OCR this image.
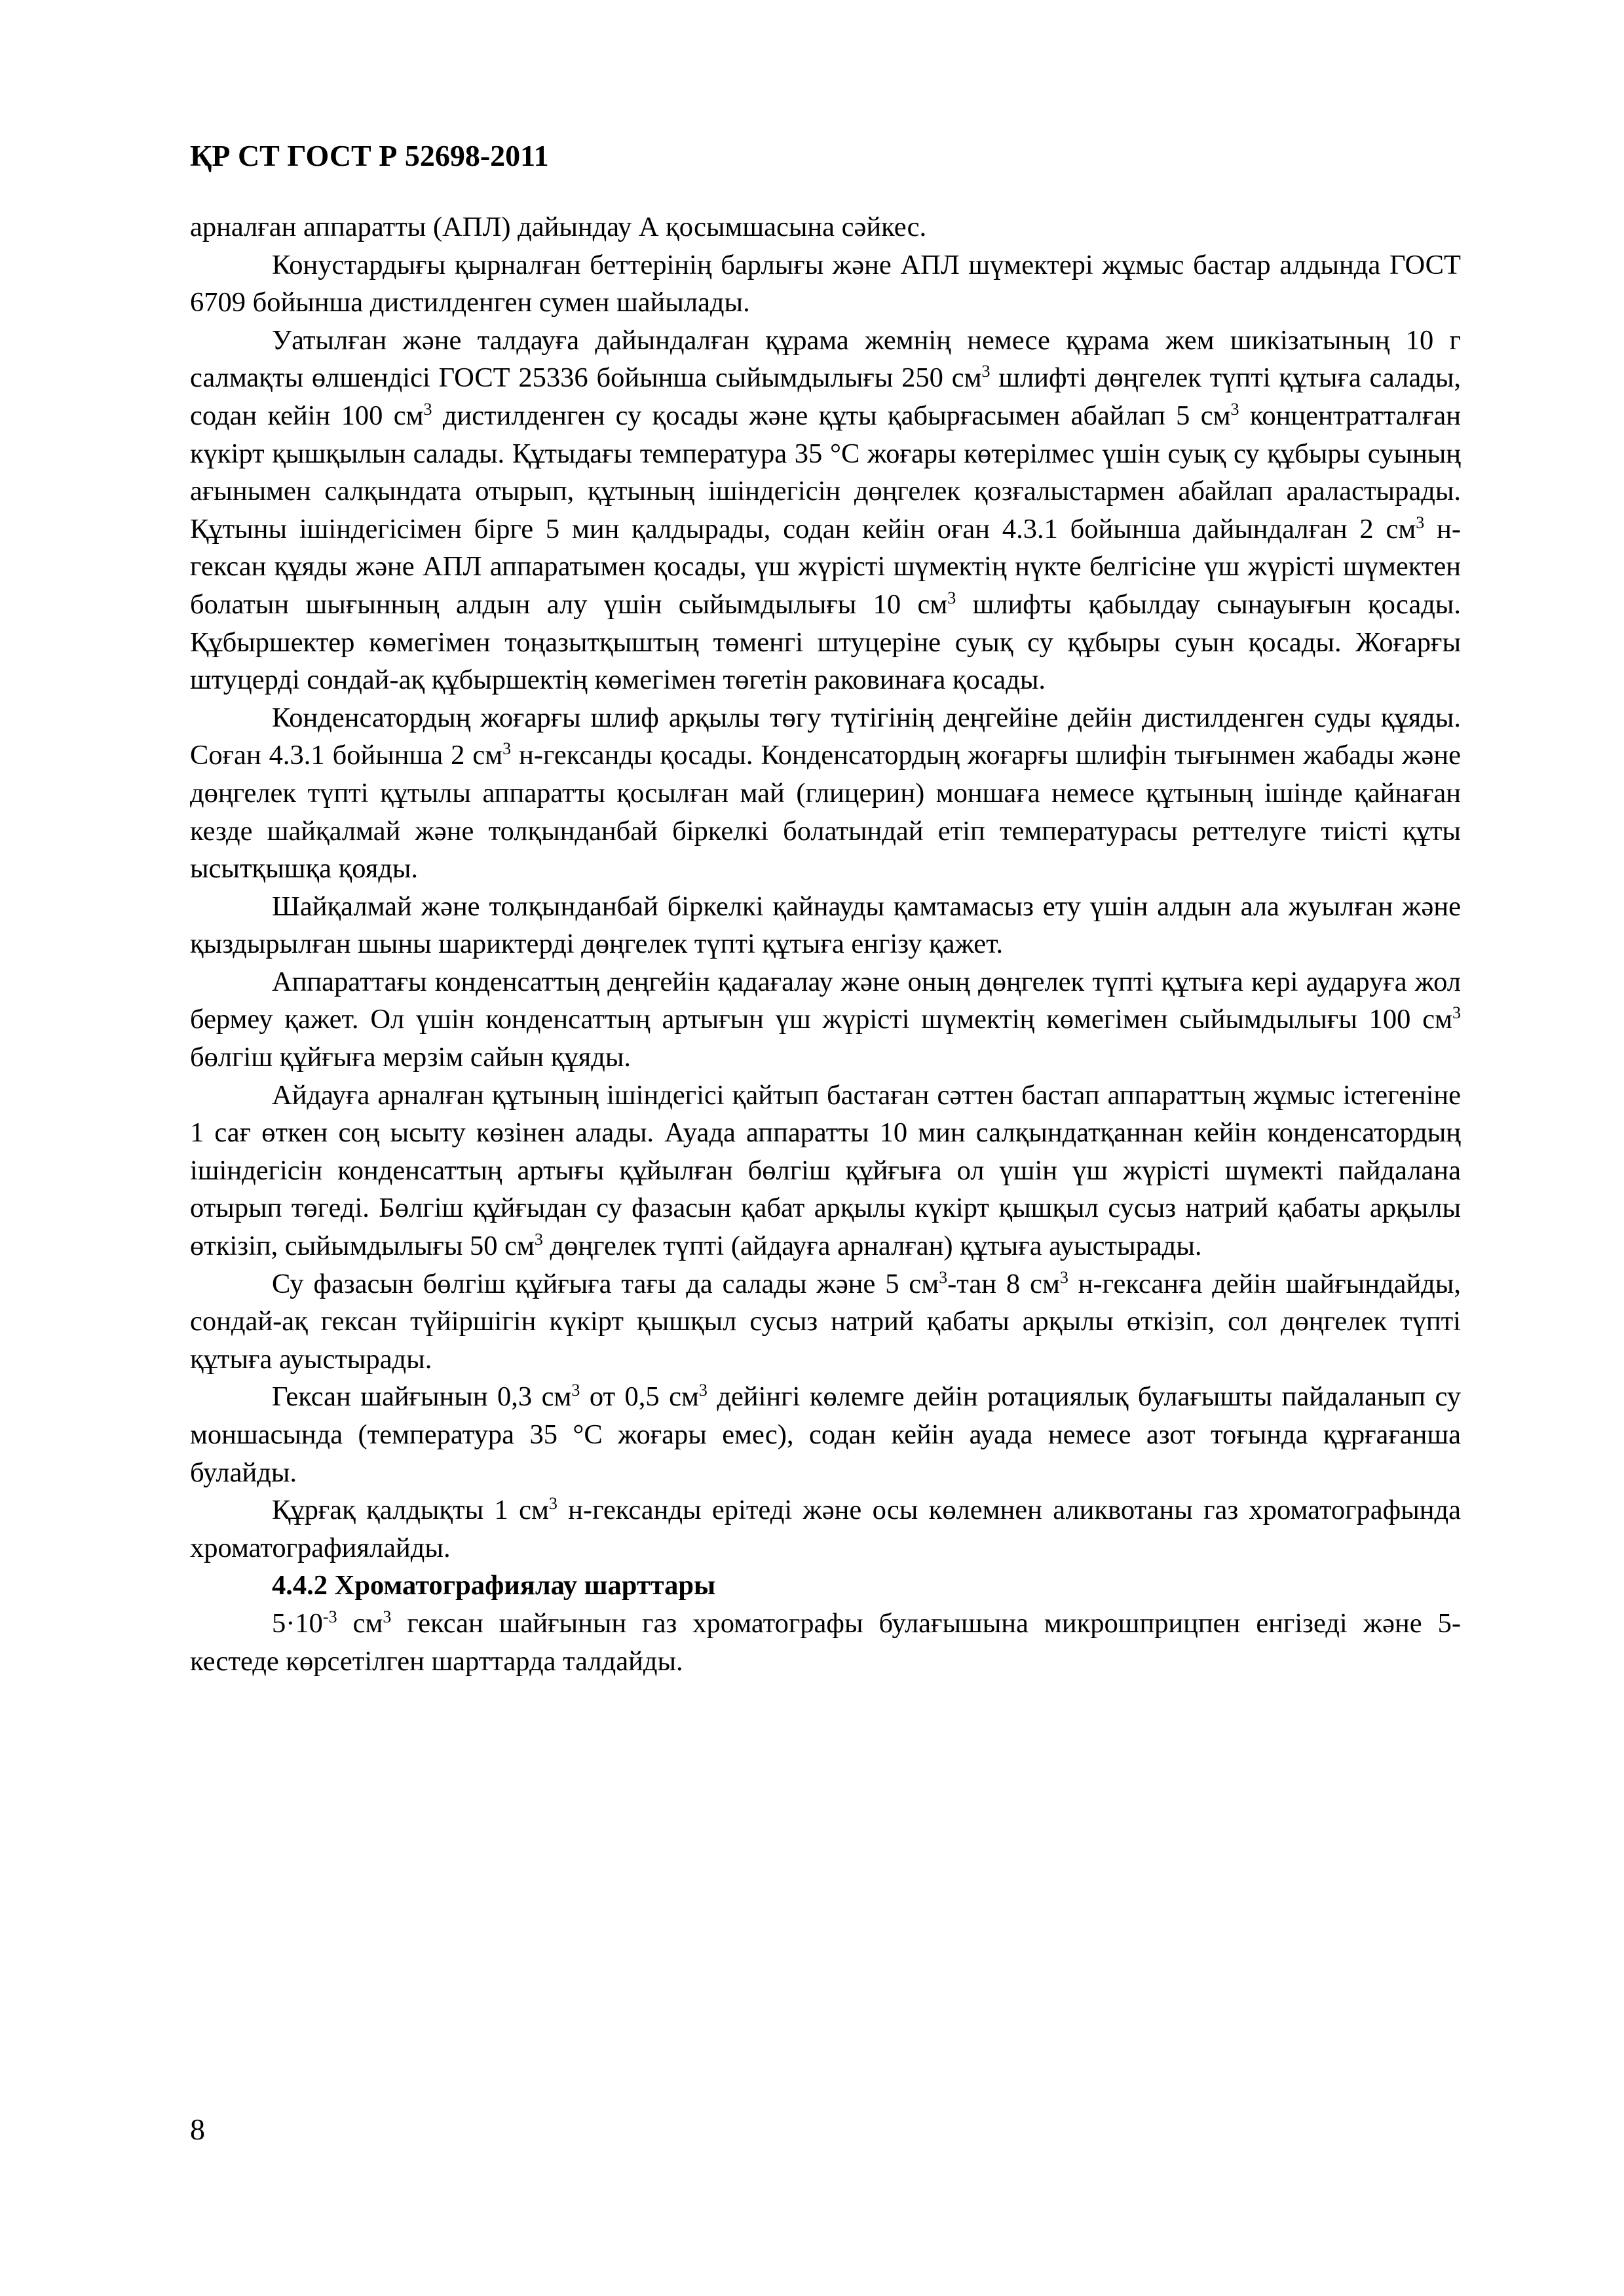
ҚР СТ ГОСТ Р 52698-2011

арналған аппаратты (АПЛ) дайындау А қосымшасына сәйкес.

Конустардығы қырналған беттерінің барлығы және АПЛ шүмектері жұмыс бастар алдында ГОСТ 6709 бойынша дистилденген сумен шайылады.

Уатылған және талдауға дайындалған құрама жемнің немесе құрама жем шикізатының 10 г салмақты өлшендісі ГОСТ 25336 бойынша сыйымдылығы 250 $см^3$ шлифті дөңгелек түпті құтыға салады, содан кейін 100 $см^3$ дистилденген су қосады және құты қабырғасымен абайлап 5 $см^3$ концентратталған күкірт қышқылын салады. Құтыдағы температура 35 °С жоғары көтерілмес үшін суық су құбыры суының ағынымен салқындата отырып, құтының ішіндегісін дөңгелек қозғалыстармен абайлап араластырады. Құтыны ішіндегісімен бірге 5 мин қалдырады, содан кейін оған 4.3.1 бойынша дайындалған 2 $см^3$ н-гексан құяды және АПЛ аппаратымен қосады, үш жүрісті шүмектің нүкте белгісіне үш жүрісті шүмектен болатын шығынның алдын алу үшін сыйымдылығы 10 $см^3$ шлифты қабылдау сынауығын қосады. Құбыршектер көмегімен тоңазытқыштың төменгі штуцеріне суық су құбыры суын қосады. Жоғарғы штуцерді сондай-ақ құбыршектің көмегімен төгетін раковинаға қосады.

Конденсатордың жоғарғы шлиф арқылы төгу түтігінің деңгейіне дейін дистилденген суды құяды. Соған 4.3.1 бойынша 2 $см^3$ н-гександы қосады. Конденсатордың жоғарғы шлифін тығынмен жабады және дөңгелек түпті құтылы аппаратты қосылған май (глицерин) моншаға немесе құтының ішінде қайнаған кезде шайқалмай және толқынданбай біркелкі болатындай етіп температурасы реттелуге тиісті құты ысытқышқа қояды.

Шайқалмай және толқынданбай біркелкі қайнауды қамтамасыз ету үшін алдын ала жуылған және қыздырылған шыны шариктерді дөңгелек түпті құтыға енгізу қажет.

Аппараттағы конденсаттың деңгейін қадағалау және оның дөңгелек түпті құтыға кері аударуға жол бермеу қажет. Ол үшін конденсаттың артығын үш жүрісті шүмектің көмегімен сыйымдылығы 100 $см^3$ бөлгіш құйғыға мерзім сайын құяды.

Айдауға арналған құтының ішіндегісі қайтып бастаған сәттен бастап аппараттың жұмыс істегеніне 1 сағ өткен соң ысыту көзінен алады. Ауада аппаратты 10 мин салқындатқаннан кейін конденсатордың ішіндегісін конденсаттың артығы құйылған бөлгіш құйғыға ол үшін үш жүрісті шүмекті пайдалана отырып төгеді. Бөлгіш құйғыдан су фазасын қабат арқылы күкірт қышқыл сусыз натрий қабаты арқылы өткізіп, сыйымдылығы 50 $см^3$ дөңгелек түпті (айдауға арналған) құтыға ауыстырады.

Су фазасын бөлгіш құйғыға тағы да салады және 5 $см^3$-тан 8 $см^3$ н-гексанға дейін шайғындайды, сондай-ақ гексан түйіршігін күкірт қышқыл сусыз натрий қабаты арқылы өткізіп, сол дөңгелек түпті құтыға ауыстырады.

Гексан шайғынын 0,3 $см^3$ от 0,5 $см^3$ дейінгі көлемге дейін ротациялық булағышты пайдаланып су моншасында (температура 35 °С жоғары емес), содан кейін ауада немесе азот тоғында құрғағанша булайды.

Құрғақ қалдықты 1 $см^3$ н-гександы ерітеді және осы көлемнен аликвотаны газ хроматографында хроматографиялайды.

4.4.2 Хроматографиялау шарттары

$5\cdot 10^{-3}$ $см^3$ гексан шайғынын газ хроматографы булағышына микрошприцпен енгізеді және 5-кестеде көрсетілген шарттарда талдайды.

8
